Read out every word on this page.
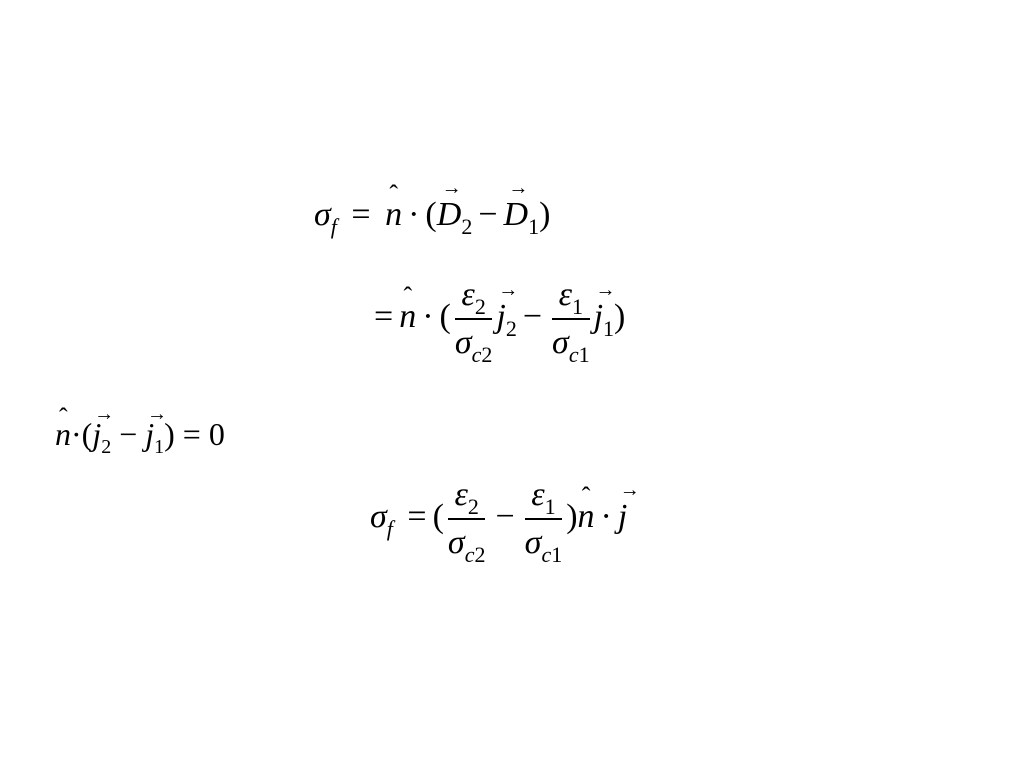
$\sigma_f$ = ˆ n · (→ $D_2 -\to D_1$)
=ˆ n · ( $\frac{\varepsilon_2}{\sigma_{c2}}$
→ $j_2 - \frac{\varepsilon_1}{\sigma_{c1}}$
→ $j_1$)
ˆ $n\cdot(\to j_2$ − → $j_1) = 0$
$\sigma_f$ = ( $\frac{\varepsilon_2}{\sigma_{c2}} - \frac{\varepsilon_1}{\sigma_{c1}}$ )ˆ n ·→ j
